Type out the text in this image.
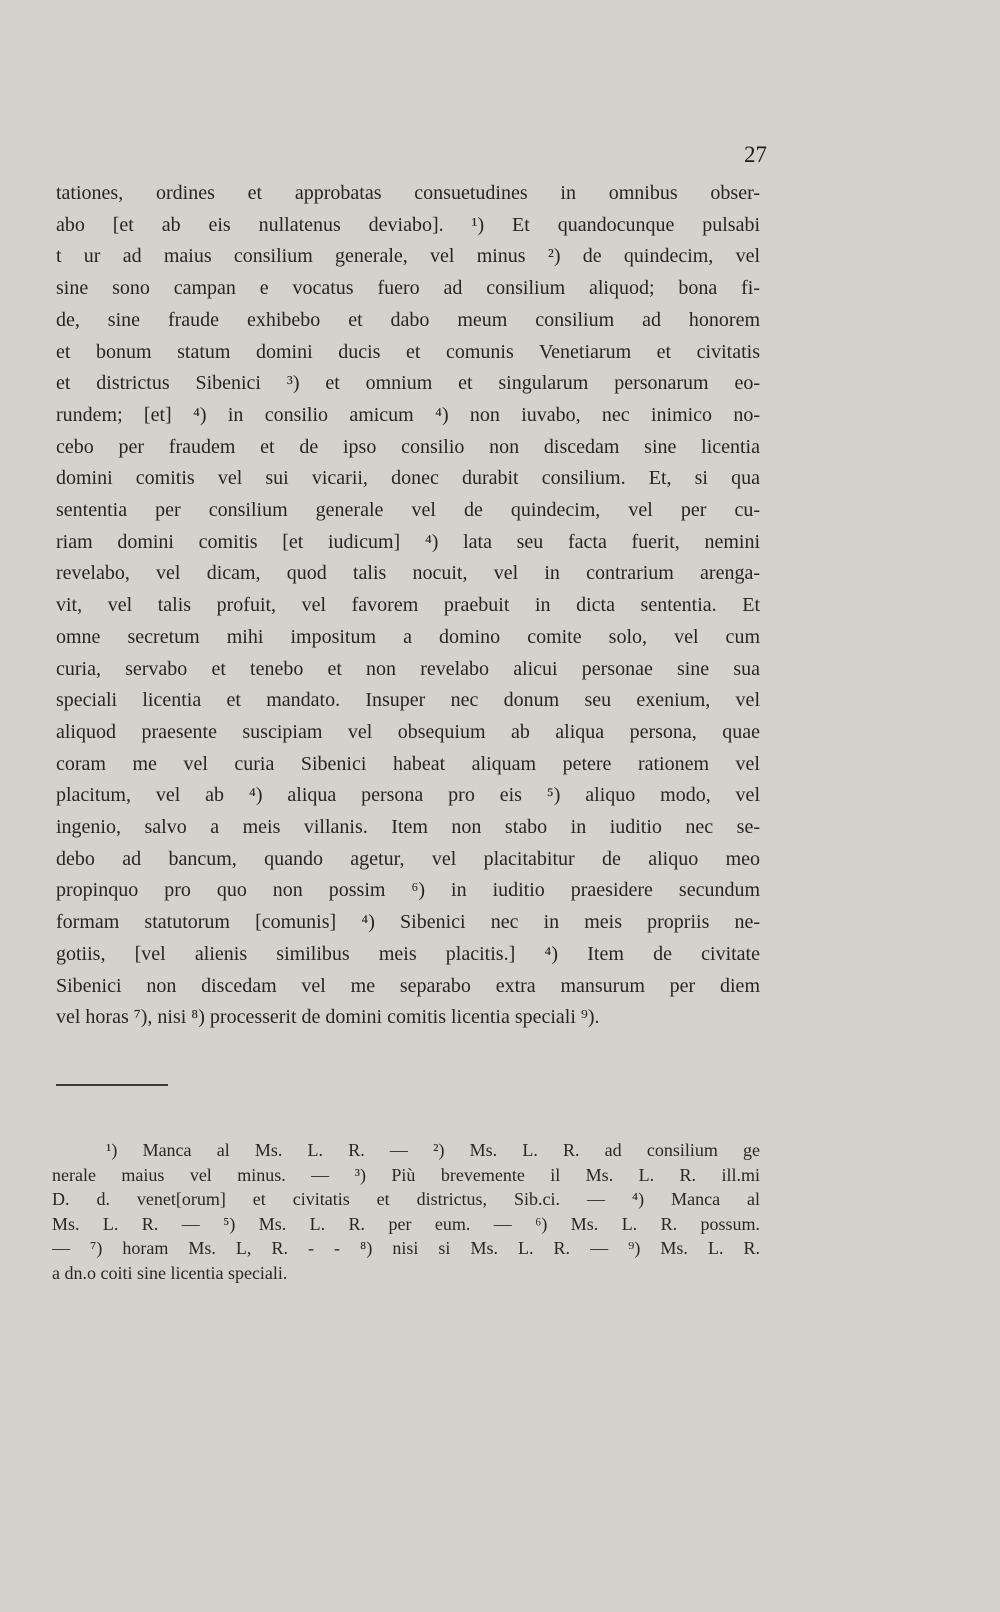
27
tationes, ordines et approbatas consuetudines in omnibus obser-
abo [et ab eis nullatenus deviabo]. ¹) Et quandocunque pulsabi
t ur ad maius consilium generale, vel minus ²) de quindecim, vel
sine sono campan e vocatus fuero ad consilium aliquod; bona fi-
de, sine fraude exhibebo et dabo meum consilium ad honorem
et bonum statum domini ducis et comunis Venetiarum et civitatis
et districtus Sibenici ³) et omnium et singularum personarum eo-
rundem; [et] ⁴) in consilio amicum ⁴) non iuvabo, nec inimico no-
cebo per fraudem et de ipso consilio non discedam sine licentia
domini comitis vel sui vicarii, donec durabit consilium. Et, si qua
sententia per consilium generale vel de quindecim, vel per cu-
riam domini comitis [et iudicum] ⁴) lata seu facta fuerit, nemini
revelabo, vel dicam, quod talis nocuit, vel in contrarium arenga-
vit, vel talis profuit, vel favorem praebuit in dicta sententia. Et
omne secretum mihi impositum a domino comite solo, vel cum
curia, servabo et tenebo et non revelabo alicui personae sine sua
speciali licentia et mandato. Insuper nec donum seu exenium, vel
aliquod praesente suscipiam vel obsequium ab aliqua persona, quae
coram me vel curia Sibenici habeat aliquam petere rationem vel
placitum, vel ab ⁴) aliqua persona pro eis ⁵) aliquo modo, vel
ingenio, salvo a meis villanis. Item non stabo in iuditio nec se-
debo ad bancum, quando agetur, vel placitabitur de aliquo meo
propinquo pro quo non possim ⁶) in iuditio praesidere secundum
formam statutorum [comunis] ⁴) Sibenici nec in meis propriis ne-
gotiis, [vel alienis similibus meis placitis.] ⁴) Item de civitate
Sibenici non discedam vel me separabo extra mansurum per diem
vel horas ⁷), nisi ⁸) processerit de domini comitis licentia speciali ⁹).
¹) Manca al Ms. L. R. — ²) Ms. L. R. ad consilium ge
nerale maius vel minus. — ³) Più brevemente il Ms. L. R. ill.mi
D. d. venet[orum] et civitatis et districtus, Sib.ci. — ⁴) Manca al
Ms. L. R. — ⁵) Ms. L. R. per eum. — ⁶) Ms. L. R. possum.
— ⁷) horam Ms. L, R. - - ⁸) nisi si Ms. L. R. — ⁹) Ms. L. R.
a dn.o coiti sine licentia speciali.
